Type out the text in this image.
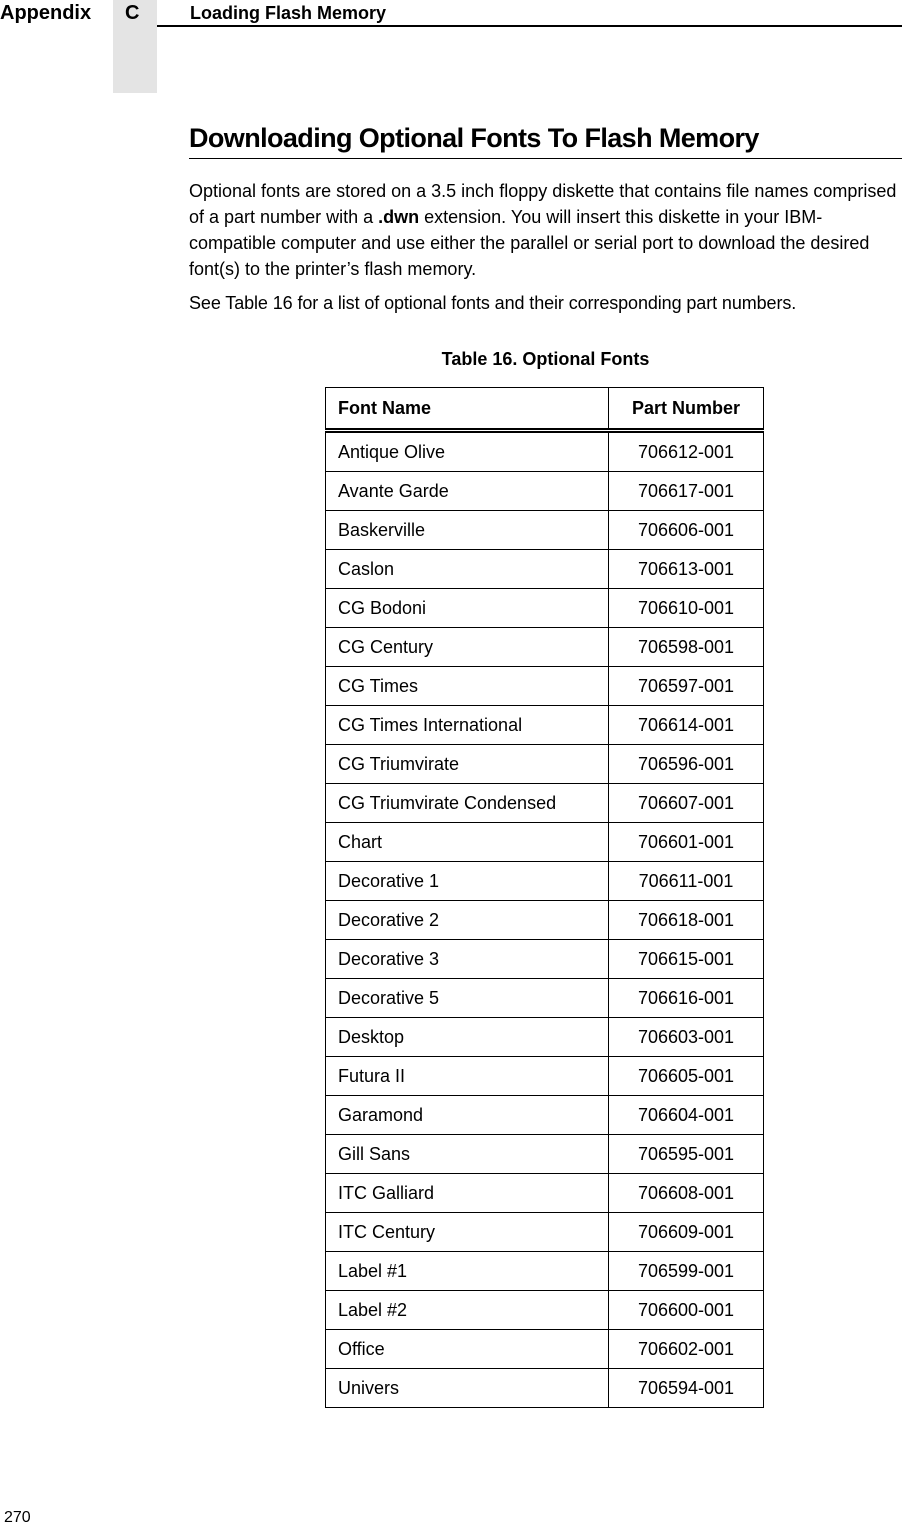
Appendix C	Loading Flash Memory
Downloading Optional Fonts To Flash Memory

Optional fonts are stored on a 3.5 inch floppy diskette that contains file names comprised of a part number with a .dwn extension. You will insert this diskette in your IBM-compatible computer and use either the parallel or serial port to download the desired font(s) to the printer’s flash memory.

See Table 16 for a list of optional fonts and their corresponding part numbers.

Table 16. Optional Fonts
Font Name	Part Number
Antique Olive	706612-001
Avante Garde	706617-001
Baskerville	706606-001
Caslon	706613-001
CG Bodoni	706610-001
CG Century	706598-001
CG Times	706597-001
CG Times International	706614-001
CG Triumvirate	706596-001
CG Triumvirate Condensed	706607-001
Chart	706601-001
Decorative 1	706611-001
Decorative 2	706618-001
Decorative 3	706615-001
Decorative 5	706616-001
Desktop	706603-001
Futura II	706605-001
Garamond	706604-001
Gill Sans	706595-001
ITC Galliard	706608-001
ITC Century	706609-001
Label #1	706599-001
Label #2	706600-001
Office	706602-001
Univers	706594-001
270
